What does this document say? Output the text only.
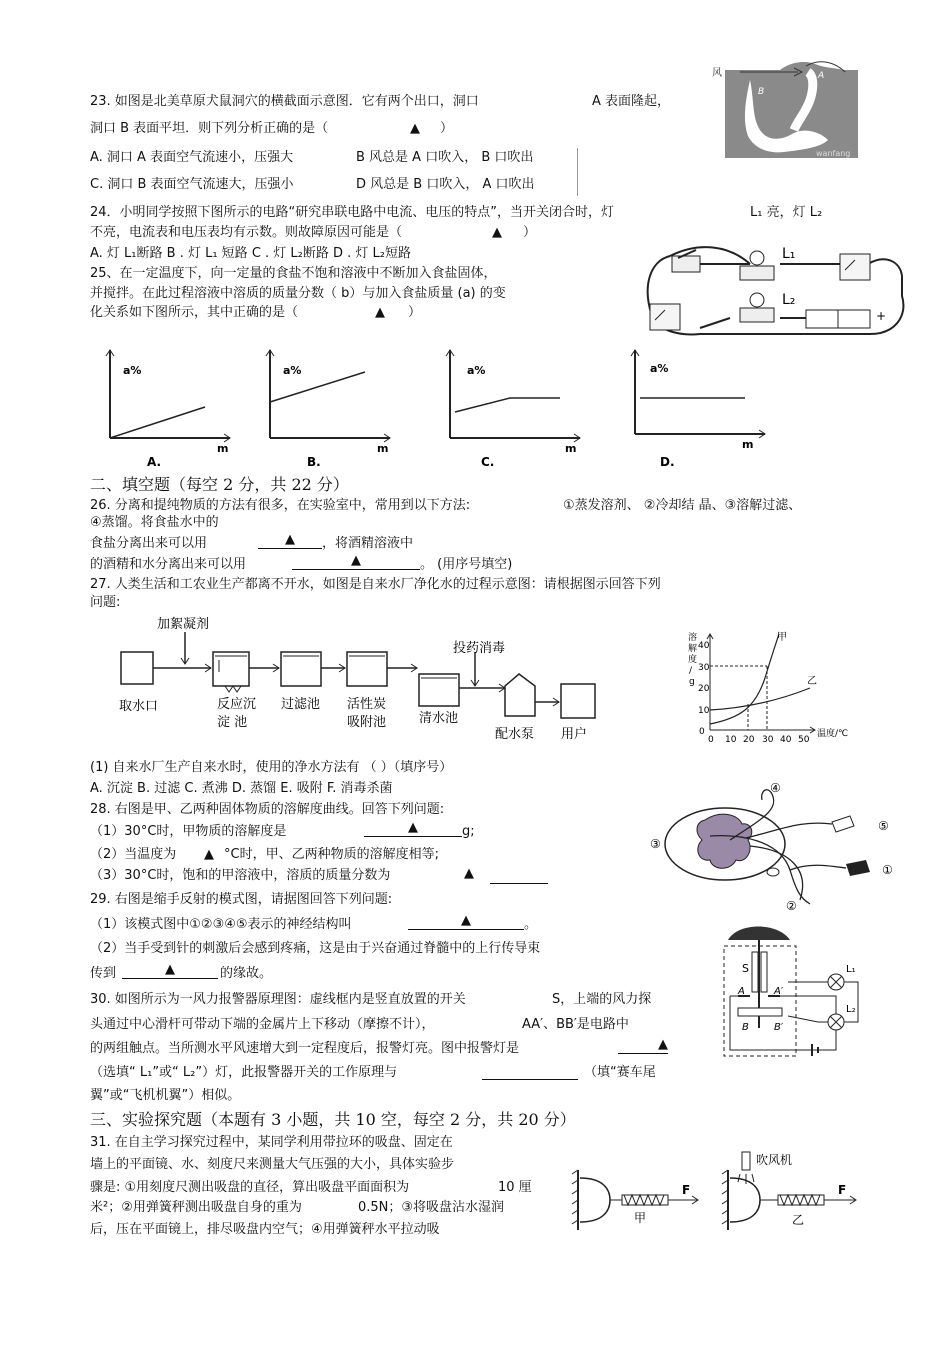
23. 如图是北美草原犬鼠洞穴的横截面示意图．它有两个出口，洞口	A 表面隆起，
洞口 B 表面平坦．则下列分析正确的是（	▲ ）
A. 洞口 A 表面空气流速小，压强大	B 风总是 A 口吹入， B 口吹出
C. 洞口 B 表面空气流速大，压强小	D 风总是 B 口吹入， A 口吹出
风	A
B
wanfang
24．小明同学按照下图所示的电路“研究串联电路中电流、电压的特点”，当开关闭合时，灯	L₁ 亮，灯 L₂
不亮，电流表和电压表均有示数。则故障原因可能是（	▲ ）
A. 灯 L₁断路 B . 灯 L₁ 短路 C . 灯 L₂断路 D . 灯 L₂短路	L₁
L₂
+
25、在一定温度下，向一定量的食盐不饱和溶液中不断加入食盐固体，
并搅拌。在此过程溶液中溶质的质量分数（ b）与加入食盐质量 (a) 的变
化关系如下图所示，其中正确的是（	▲ ）
a%
m
A.
a%
m
B.
a%
m
C.
a%
m
D.
二、填空题（每空 2 分，共 22 分）
26. 分离和提纯物质的方法有很多，在实验室中，常用到以下方法:	①蒸发溶剂、 ②冷却结 晶、③溶解过滤、
④蒸馏。将食盐水中的
食盐分离出来可以用	▲	，将酒精溶液中
的酒精和水分离出来可以用	▲	。 (用序号填空)
27. 人类生活和工农业生产都离不开水，如图是自来水厂净化水的过程示意图：请根据图示回答下列
问题:
加絮凝剂
取水口	反应沉
淀 池
过滤池 活性炭
吸附池
投药消毒
清水池
配水泵 用户
溶
解
度
/
g
0
10
20
30
40
0 10 20 30 40 50
温度/℃
甲
乙
(1) 自来水厂生产自来水时，使用的净水方法有 （ ）（填序号）
A. 沉淀 B. 过滤 C. 煮沸 D. 蒸馏 E. 吸附 F. 消毒杀菌
28. 右图是甲、乙两种固体物质的溶解度曲线。回答下列问题:
（1）30°C时，甲物质的溶解度是	▲	g;
（2）当温度为 ▲ °C时，甲、乙两种物质的溶解度相等;
（3）30°C时，饱和的甲溶液中，溶质的质量分数为	▲
29. 右图是缩手反射的模式图，请据图回答下列问题:
（1）该模式图中①②③④⑤表示的神经结构叫	▲	。
（2）当手受到针的刺激后会感到疼痛，这是由于兴奋通过脊髓中的上行传导束
传到	▲	的缘故。
④
⑤
③
①
②
30. 如图所示为一风力报警器原理图：虚线框内是竖直放置的开关	S，上端的风力探
头通过中心滑杆可带动下端的金属片上下移动（摩擦不计），	AA′、BB′是电路中
的两组触点。当所测水平风速增大到一定程度后，报警灯亮。图中报警灯是	▲
（选填“ L₁”或“ L₂”）灯，此报警器开关的工作原理与	（填“赛车尾
翼”或“飞机机翼”）相似。
S
A	A′
B	B′
L₁
L₂
三、实验探究题（本题有 3 小题，共 10 空，每空 2 分，共 20 分）
31. 在自主学习探究过程中，某同学利用带拉环的吸盘、固定在
墙上的平面镜、水、刻度尺来测量大气压强的大小，具体实验步
骤是: ①用刻度尺测出吸盘的直径，算出吸盘平面面积为	10 厘
米²；②用弹簧秤测出吸盘自身的重为	0.5N；③将吸盘沾水湿润
后，压在平面镜上，排尽吸盘内空气；④用弹簧秤水平拉动吸
F
甲
吹风机
F
乙
